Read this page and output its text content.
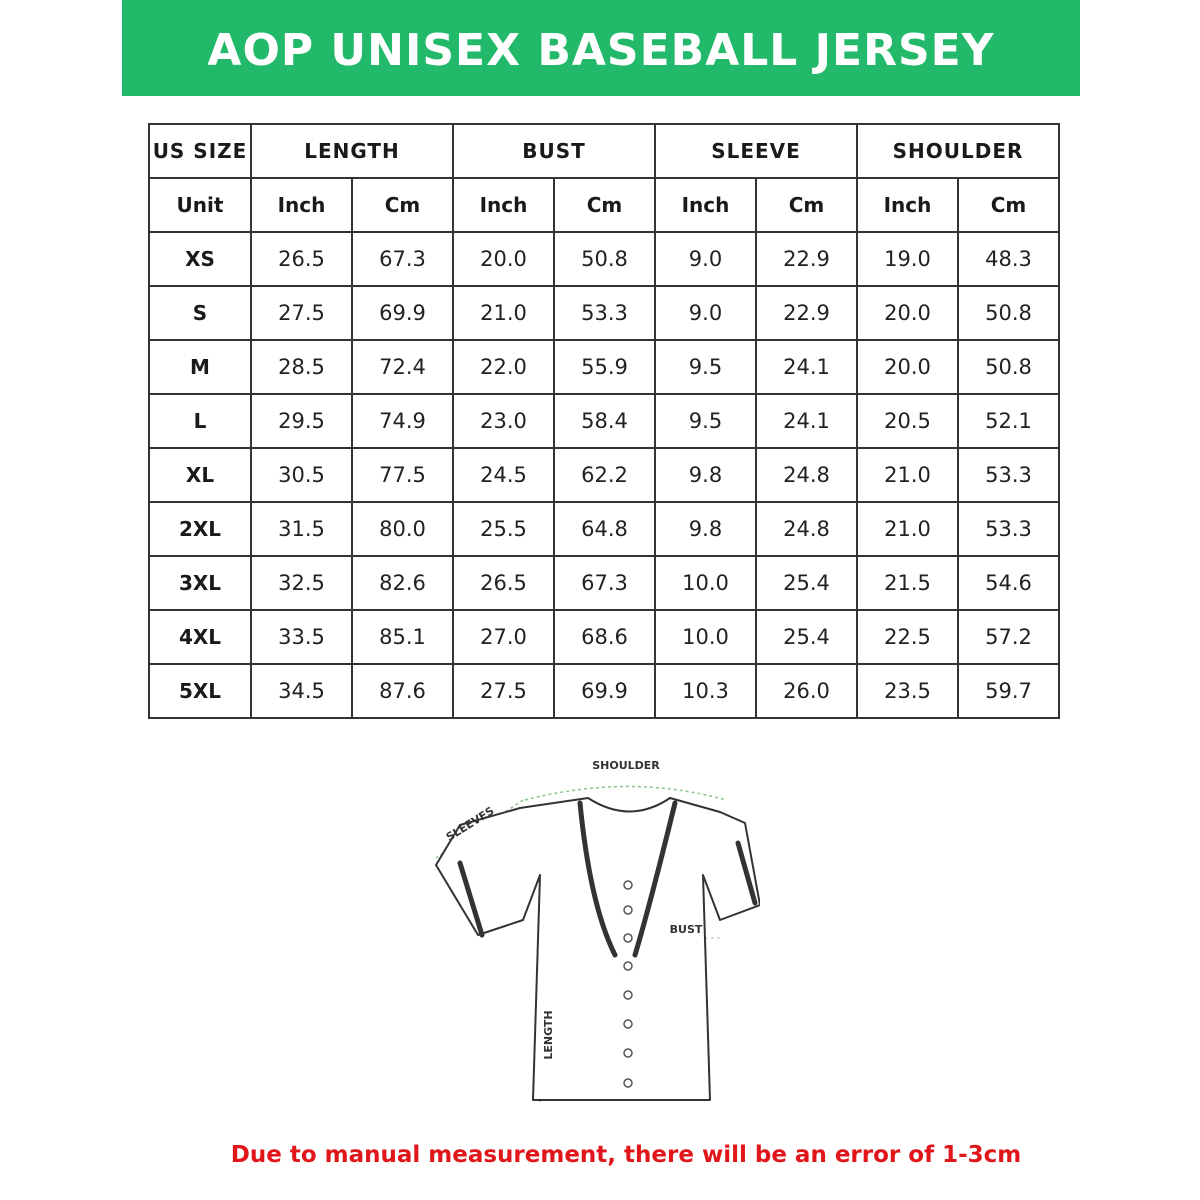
AOP UNISEX BASEBALL JERSEY
US SIZE	LENGTH		BUST		SLEEVE		SHOULDER	
Unit	Inch	Cm	Inch	Cm	Inch	Cm	Inch	Cm
XS	26.5	67.3	20.0	50.8	9.0	22.9	19.0	48.3
S	27.5	69.9	21.0	53.3	9.0	22.9	20.0	50.8
M	28.5	72.4	22.0	55.9	9.5	24.1	20.0	50.8
L	29.5	74.9	23.0	58.4	9.5	24.1	20.5	52.1
XL	30.5	77.5	24.5	62.2	9.8	24.8	21.0	53.3
2XL	31.5	80.0	25.5	64.8	9.8	24.8	21.0	53.3
3XL	32.5	82.6	26.5	67.3	10.0	25.4	21.5	54.6
4XL	33.5	85.1	27.0	68.6	10.0	25.4	22.5	57.2
5XL	34.5	87.6	27.5	69.9	10.3	26.0	23.5	59.7
SHOULDER
SLEEVES
BUST
LENGTH
Due to manual measurement, there will be an error of 1-3cm
